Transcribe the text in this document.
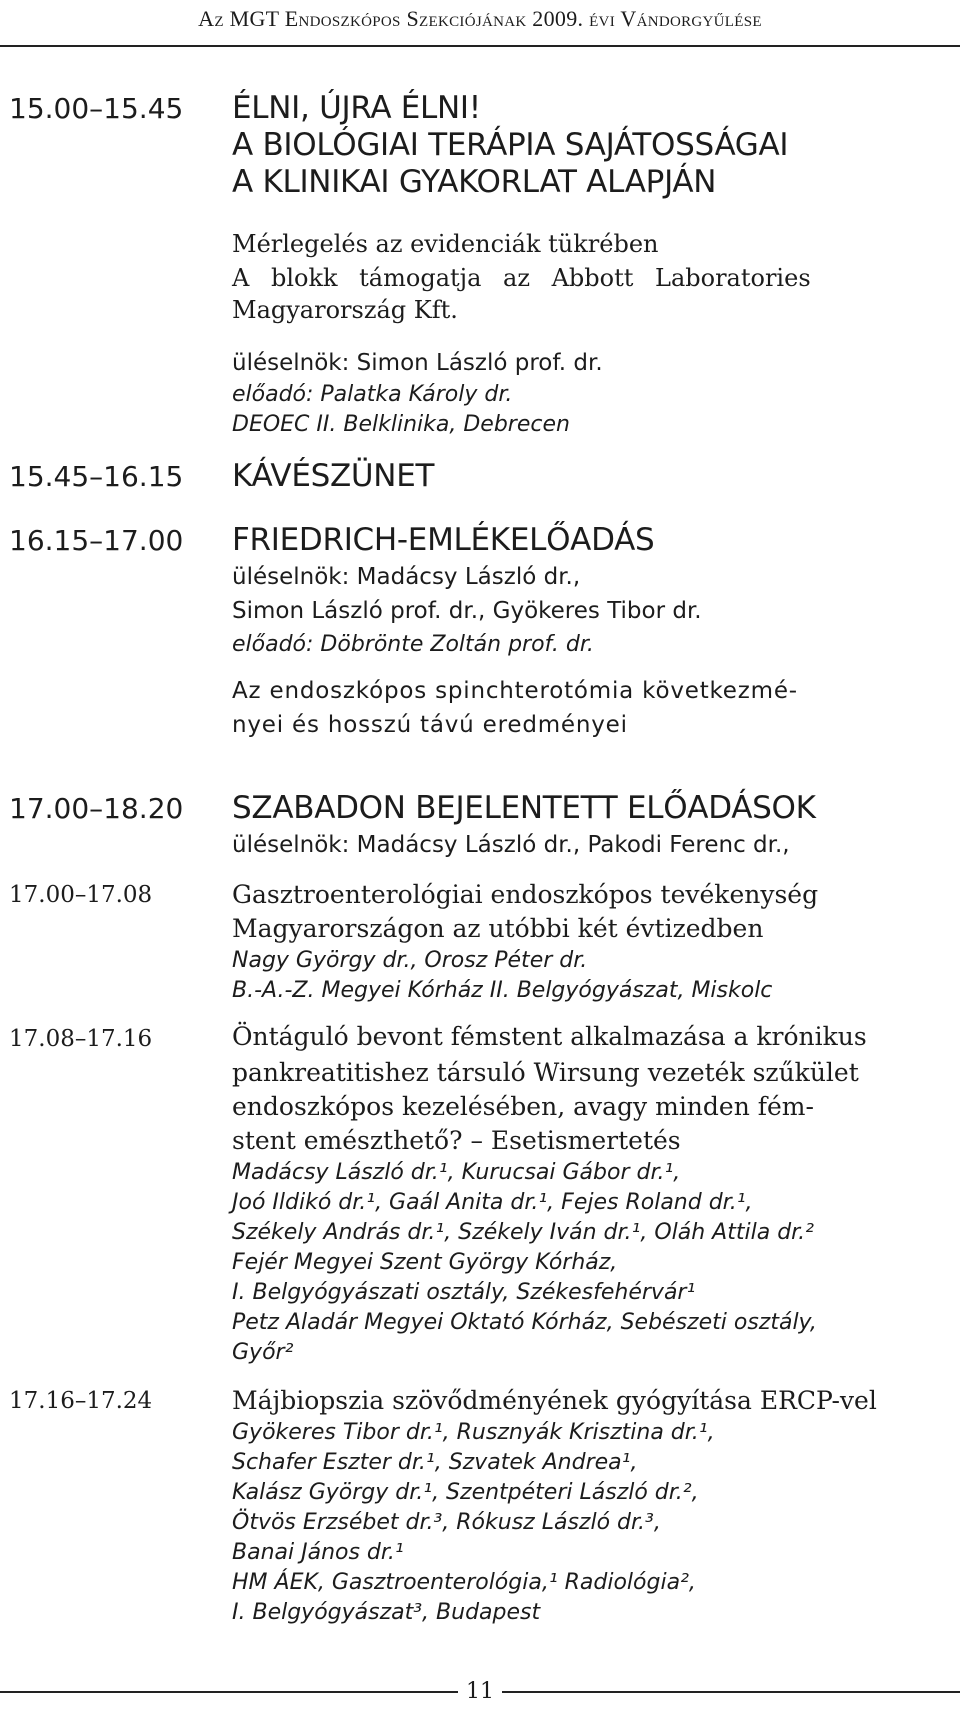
Az MGT Endoszkópos Szekciójának 2009. évi Vándorgyűlése
15.00–15.45 ÉLNI, ÚJRA ÉLNI!
A BIOLÓGIAI TERÁPIA SAJÁTOSSÁGAI
A KLINIKAI GYAKORLAT ALAPJÁN
Mérlegelés az evidenciák tükrében
A blokk támogatja az Abbott Laboratories
Magyarország Kft.
üléselnök: Simon László prof. dr.
előadó: Palatka Károly dr.
DEOEC II. Belklinika, Debrecen
15.45–16.15 KÁVÉSZÜNET
16.15–17.00 FRIEDRICH-EMLÉKELŐADÁS
üléselnök: Madácsy László dr.,
Simon László prof. dr., Gyökeres Tibor dr.
előadó: Döbrönte Zoltán prof. dr.
Az endoszkópos spinchterotómia következmé-
nyei és hosszú távú eredményei
17.00–18.20 SZABADON BEJELENTETT ELŐADÁSOK
üléselnök: Madácsy László dr., Pakodi Ferenc dr.,
17.00–17.08	Gasztroenterológiai endoszkópos tevékenység
Magyarországon az utóbbi két évtizedben
Nagy György dr., Orosz Péter dr.
B.-A.-Z. Megyei Kórház II. Belgyógyászat, Miskolc
17.08–17.16	Öntáguló bevont fémstent alkalmazása a krónikus
pankreatitishez társuló Wirsung vezeték szűkület
endoszkópos kezelésében, avagy minden fém-
stent emészthető? – Esetismertetés
Madácsy László dr.¹, Kurucsai Gábor dr.¹,
Joó Ildikó dr.¹, Gaál Anita dr.¹, Fejes Roland dr.¹,
Székely András dr.¹, Székely Iván dr.¹, Oláh Attila dr.²
Fejér Megyei Szent György Kórház,
I. Belgyógyászati osztály, Székesfehérvár¹
Petz Aladár Megyei Oktató Kórház, Sebészeti osztály,
Győr²
17.16–17.24	Májbiopszia szövődményének gyógyítása ERCP-vel
Gyökeres Tibor dr.¹, Rusznyák Krisztina dr.¹,
Schafer Eszter dr.¹, Szvatek Andrea¹,
Kalász György dr.¹, Szentpéteri László dr.²,
Ötvös Erzsébet dr.³, Rókusz László dr.³,
Banai János dr.¹
HM ÁEK, Gasztroenterológia,¹ Radiológia²,
I. Belgyógyászat³, Budapest
11
